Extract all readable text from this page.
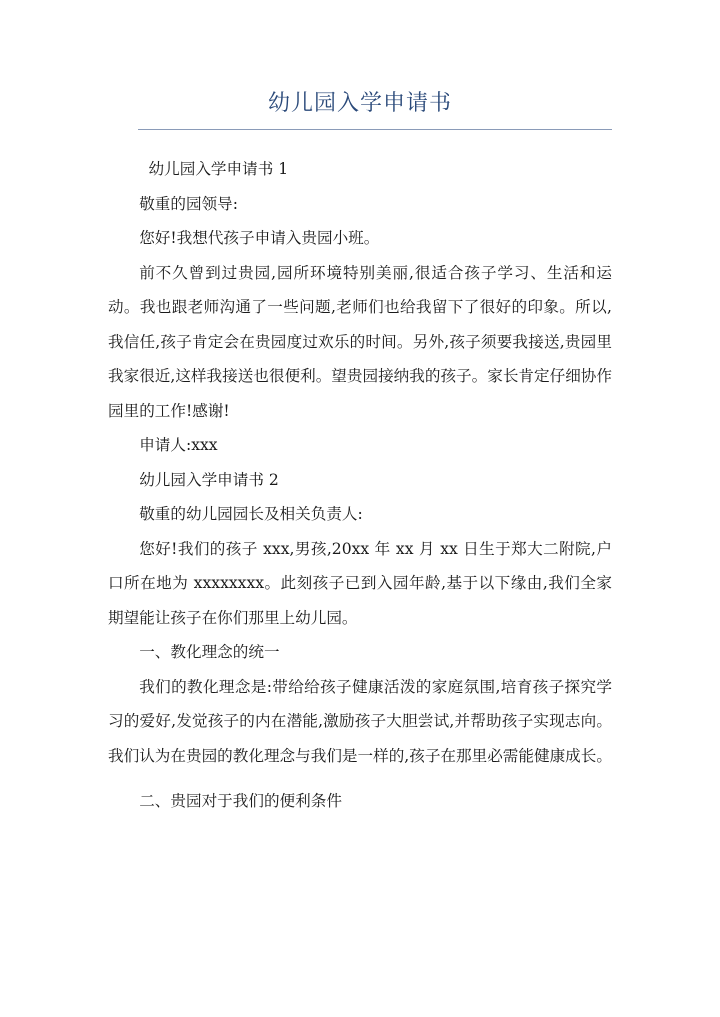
幼儿园入学申请书

幼儿园入学申请书 1

敬重的园领导:

您好!我想代孩子申请入贵园小班。

前不久曾到过贵园,园所环境特别美丽,很适合孩子学习、生活和运动。我也跟老师沟通了一些问题,老师们也给我留下了很好的印象。所以,我信任,孩子肯定会在贵园度过欢乐的时间。另外,孩子须要我接送,贵园里我家很近,这样我接送也很便利。望贵园接纳我的孩子。家长肯定仔细协作园里的工作!感谢!

申请人:xxx

幼儿园入学申请书 2

敬重的幼儿园园长及相关负责人:

您好!我们的孩子 xxx,男孩,20xx 年 xx 月 xx 日生于郑大二附院,户口所在地为 xxxxxxxx。此刻孩子已到入园年龄,基于以下缘由,我们全家期望能让孩子在你们那里上幼儿园。

一、教化理念的统一

我们的教化理念是:带给给孩子健康活泼的家庭氛围,培育孩子探究学习的爱好,发觉孩子的内在潜能,激励孩子大胆尝试,并帮助孩子实现志向。我们认为在贵园的教化理念与我们是一样的,孩子在那里必需能健康成长。

二、贵园对于我们的便利条件
